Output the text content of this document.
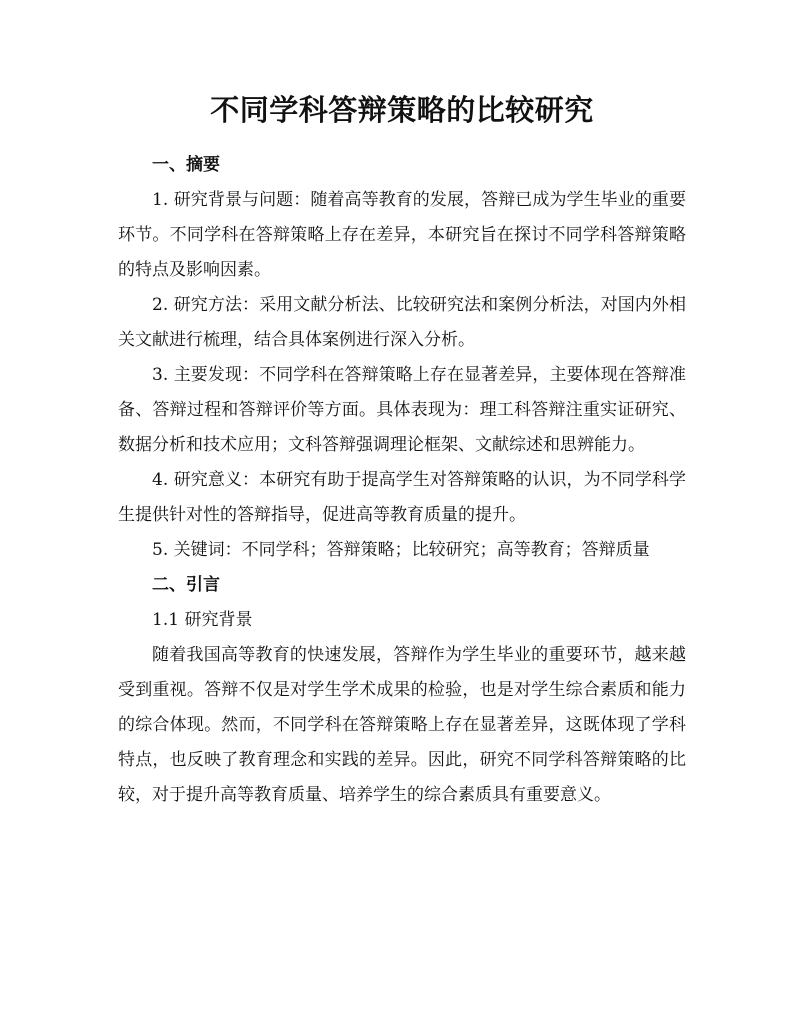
不同学科答辩策略的比较研究

一、摘要

1. 研究背景与问题：随着高等教育的发展，答辩已成为学生毕业的重要环节。不同学科在答辩策略上存在差异，本研究旨在探讨不同学科答辩策略的特点及影响因素。

2. 研究方法：采用文献分析法、比较研究法和案例分析法，对国内外相关文献进行梳理，结合具体案例进行深入分析。

3. 主要发现：不同学科在答辩策略上存在显著差异，主要体现在答辩准备、答辩过程和答辩评价等方面。具体表现为：理工科答辩注重实证研究、数据分析和技术应用；文科答辩强调理论框架、文献综述和思辨能力。

4. 研究意义：本研究有助于提高学生对答辩策略的认识，为不同学科学生提供针对性的答辩指导，促进高等教育质量的提升。

5. 关键词：不同学科；答辩策略；比较研究；高等教育；答辩质量

二、引言

1.1 研究背景

随着我国高等教育的快速发展，答辩作为学生毕业的重要环节，越来越受到重视。答辩不仅是对学生学术成果的检验，也是对学生综合素质和能力的综合体现。然而，不同学科在答辩策略上存在显著差异，这既体现了学科特点，也反映了教育理念和实践的差异。因此，研究不同学科答辩策略的比较，对于提升高等教育质量、培养学生的综合素质具有重要意义。
